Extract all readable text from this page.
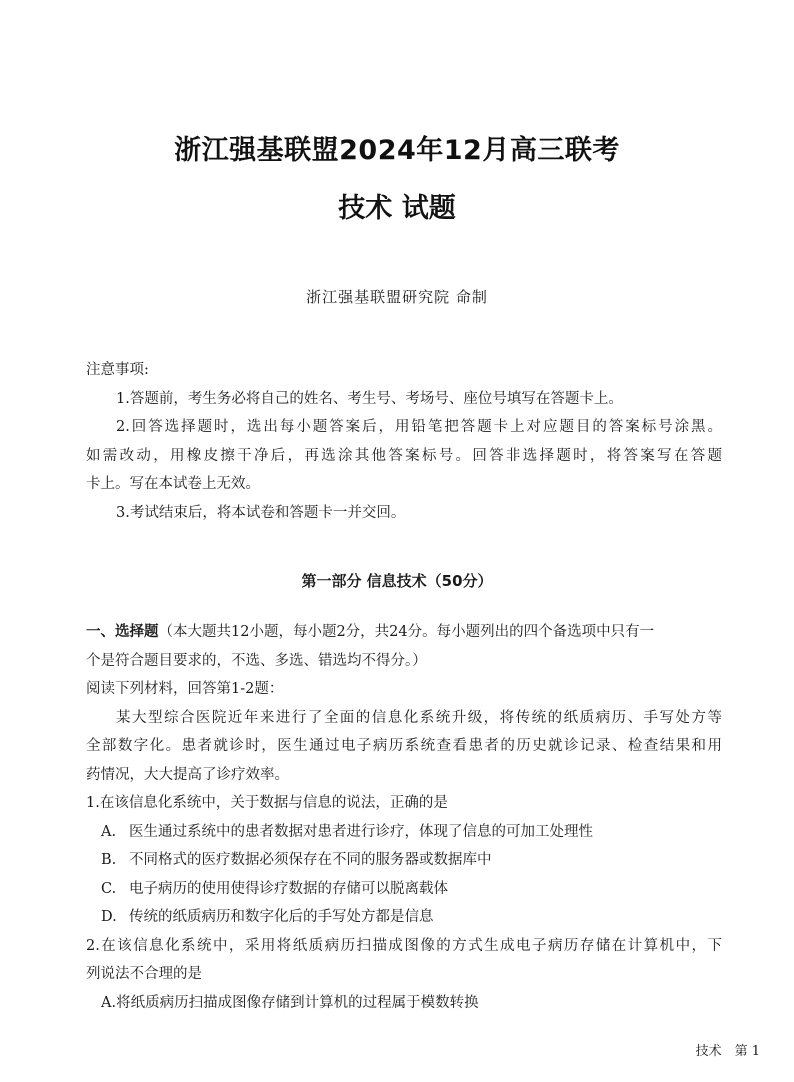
浙江强基联盟2024年12月高三联考
技术 试题
浙江强基联盟研究院 命制
注意事项:
1.答题前，考生务必将自己的姓名、考生号、考场号、座位号填写在答题卡上。
2.回答选择题时，选出每小题答案后，用铅笔把答题卡上对应题目的答案标号涂黑。
如需改动，用橡皮擦干净后，再选涂其他答案标号。回答非选择题时，将答案写在答题
卡上。写在本试卷上无效。
3.考试结束后，将本试卷和答题卡一并交回。
第一部分 信息技术（50分）
一、选择题（本大题共12小题，每小题2分，共24分。每小题列出的四个备选项中只有一
个是符合题目要求的，不选、多选、错选均不得分。）
阅读下列材料，回答第1-2题：
某大型综合医院近年来进行了全面的信息化系统升级，将传统的纸质病历、手写处方等
全部数字化。患者就诊时，医生通过电子病历系统查看患者的历史就诊记录、检查结果和用
药情况，大大提高了诊疗效率。
1.在该信息化系统中，关于数据与信息的说法，正确的是
A. 医生通过系统中的患者数据对患者进行诊疗，体现了信息的可加工处理性
B. 不同格式的医疗数据必须保存在不同的服务器或数据库中
C. 电子病历的使用使得诊疗数据的存储可以脱离载体
D. 传统的纸质病历和数字化后的手写处方都是信息
2.在该信息化系统中，采用将纸质病历扫描成图像的方式生成电子病历存储在计算机中，下
列说法不合理的是
A.将纸质病历扫描成图像存储到计算机的过程属于模数转换
技术　第 1
